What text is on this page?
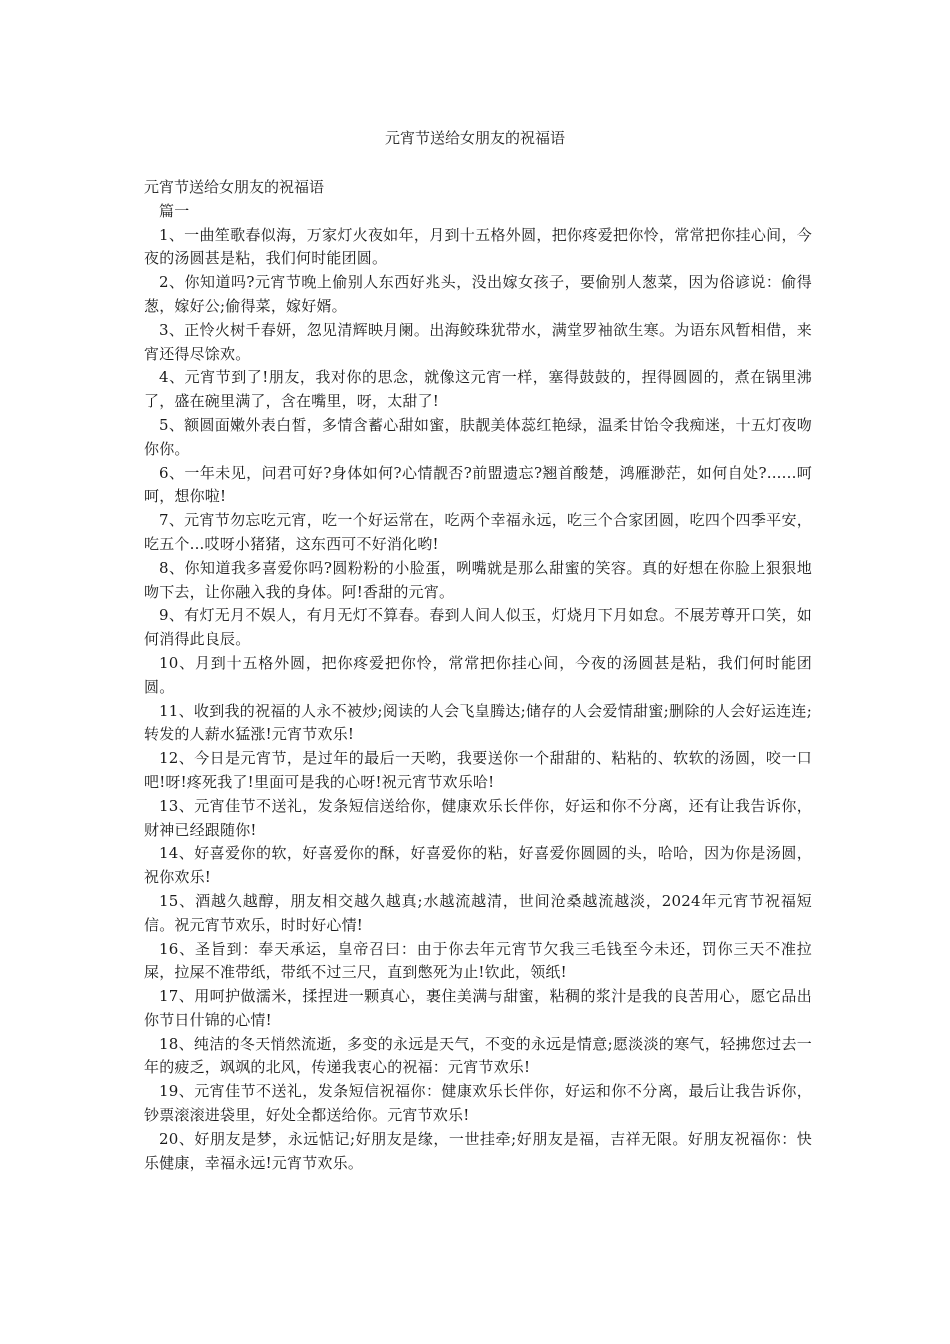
元宵节送给女朋友的祝福语

元宵节送给女朋友的祝福语

篇一

1、一曲笙歌春似海，万家灯火夜如年，月到十五格外圆，把你疼爱把你怜，常常把你挂心间，今夜的汤圆甚是粘，我们何时能团圆。

2、你知道吗?元宵节晚上偷别人东西好兆头，没出嫁女孩子，要偷别人葱菜，因为俗谚说：偷得葱，嫁好公;偷得菜，嫁好婿。

3、正怜火树千春妍，忽见清辉映月阑。出海鲛珠犹带水，满堂罗袖欲生寒。为语东风暂相借，来宵还得尽馀欢。

4、元宵节到了!朋友，我对你的思念，就像这元宵一样，塞得鼓鼓的，捏得圆圆的，煮在锅里沸了，盛在碗里满了，含在嘴里，呀，太甜了!

5、额圆面嫩外表白皙，多情含蓄心甜如蜜，肤靓美体蕊红艳绿，温柔甘饴令我痴迷，十五灯夜吻你你。

6、一年未见，问君可好?身体如何?心情靓否?前盟遗忘?翘首酸楚，鸿雁渺茫，如何自处?......呵呵，想你啦!

7、元宵节勿忘吃元宵，吃一个好运常在，吃两个幸福永远，吃三个合家团圆，吃四个四季平安，吃五个...哎呀小猪猪，这东西可不好消化哟!

8、你知道我多喜爱你吗?圆粉粉的小脸蛋，咧嘴就是那么甜蜜的笑容。真的好想在你脸上狠狠地吻下去，让你融入我的身体。阿!香甜的元宵。

9、有灯无月不娱人，有月无灯不算春。春到人间人似玉，灯烧月下月如怠。不展芳尊开口笑，如何消得此良辰。

10、月到十五格外圆，把你疼爱把你怜，常常把你挂心间，今夜的汤圆甚是粘，我们何时能团圆。

11、收到我的祝福的人永不被炒;阅读的人会飞皇腾达;储存的人会爱情甜蜜;删除的人会好运连连;转发的人薪水猛涨!元宵节欢乐!

12、今日是元宵节，是过年的最后一天哟，我要送你一个甜甜的、粘粘的、软软的汤圆，咬一口吧!呀!疼死我了!里面可是我的心呀!祝元宵节欢乐哈!

13、元宵佳节不送礼，发条短信送给你，健康欢乐长伴你，好运和你不分离，还有让我告诉你，财神已经跟随你!

14、好喜爱你的软，好喜爱你的酥，好喜爱你的粘，好喜爱你圆圆的头，哈哈，因为你是汤圆，祝你欢乐!

15、酒越久越醇，朋友相交越久越真;水越流越清，世间沧桑越流越淡，2024年元宵节祝福短信。祝元宵节欢乐，时时好心情!

16、圣旨到：奉天承运，皇帝召曰：由于你去年元宵节欠我三毛钱至今未还，罚你三天不准拉屎，拉屎不准带纸，带纸不过三尺，直到憋死为止!钦此，领纸!

17、用呵护做濡米，揉捏进一颗真心，裹住美满与甜蜜，粘稠的浆汁是我的良苦用心，愿它品出你节日什锦的心情!

18、纯洁的冬天悄然流逝，多变的永远是天气，不变的永远是情意;愿淡淡的寒气，轻拂您过去一年的疲乏，飒飒的北风，传递我衷心的祝福：元宵节欢乐!

19、元宵佳节不送礼，发条短信祝福你：健康欢乐长伴你，好运和你不分离，最后让我告诉你，钞票滚滚进袋里，好处全都送给你。元宵节欢乐!

20、好朋友是梦，永远惦记;好朋友是缘，一世挂牵;好朋友是福，吉祥无限。好朋友祝福你：快乐健康，幸福永远!元宵节欢乐。
